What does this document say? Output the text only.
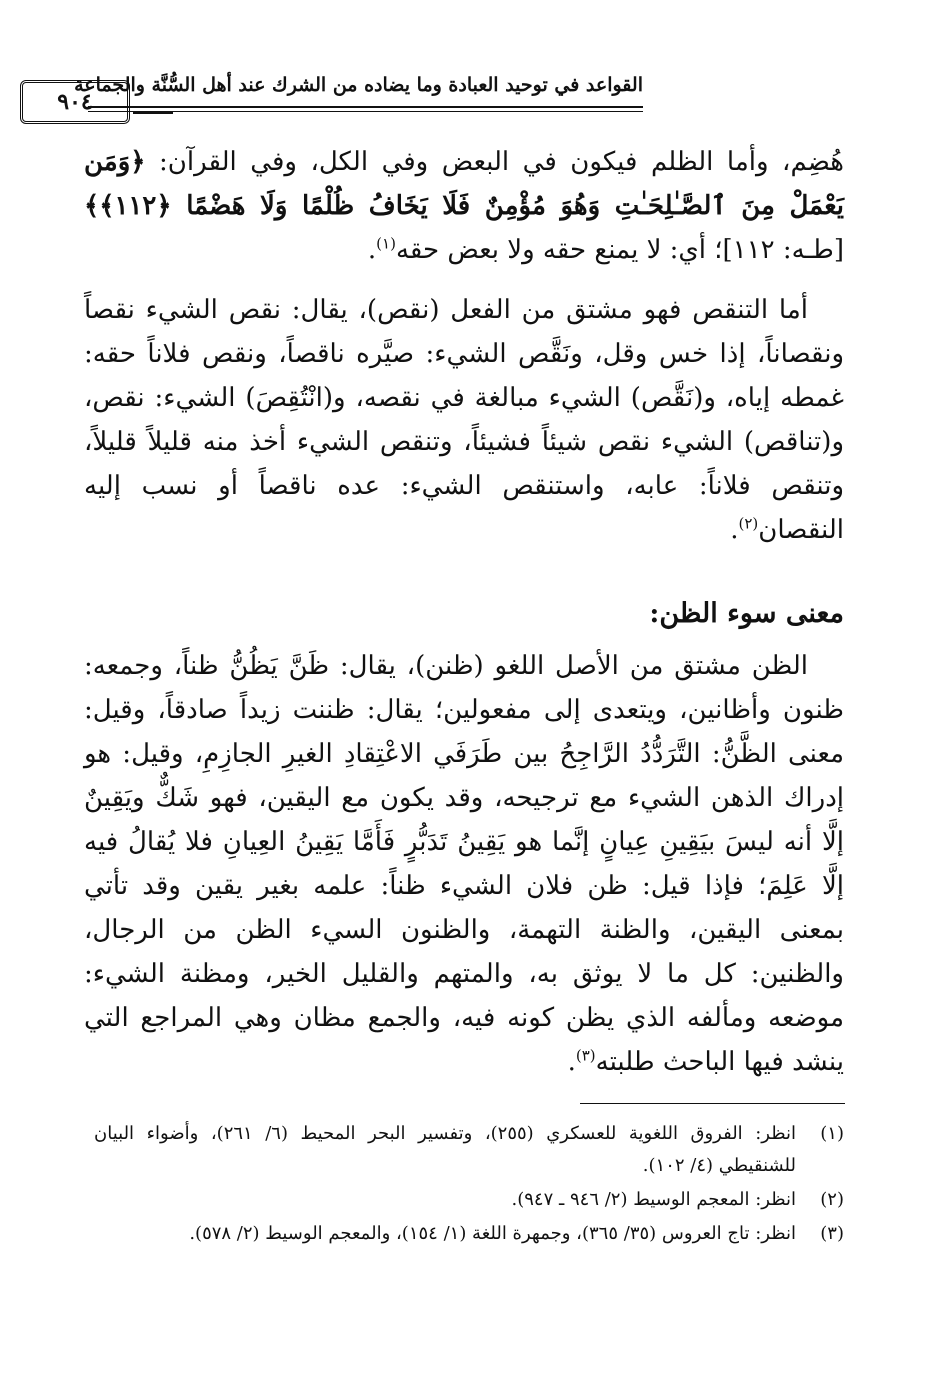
القواعد في توحيد العبادة وما يضاده من الشرك عند أهل السُّنَّة والجماعة
٩٠٤

هُضِم، وأما الظلم فيكون في البعض وفي الكل، وفي القرآن: ﴿وَمَن يَعْمَلْ مِنَ ٱلصَّـٰلِحَـٰتِ وَهُوَ مُؤْمِنٌ فَلَا يَخَافُ ظُلْمًا وَلَا هَضْمًا ﴿١١٢﴾﴾ [طـه: ١١٢]؛ أي: لا يمنع حقه ولا بعض حقه$^{(١)}$.

أما التنقص فهو مشتق من الفعل (نقص)، يقال: نقص الشيء نقصاً ونقصاناً، إذا خس وقل، ونَقَّص الشيء: صيَّره ناقصاً، ونقص فلاناً حقه: غمطه إياه، و(نَقَّص) الشيء مبالغة في نقصه، و(انْتُقِصَ) الشيء: نقص، و(تناقص) الشيء نقص شيئاً فشيئاً، وتنقص الشيء أخذ منه قليلاً قليلاً، وتنقص فلاناً: عابه، واستنقص الشيء: عده ناقصاً أو نسب إليه النقصان$^{(٢)}$.

معنى سوء الظن:

الظن مشتق من الأصل اللغو (ظنن)، يقال: ظَنَّ يَظُنُّ ظناً، وجمعه: ظنون وأظانين، ويتعدى إلى مفعولين؛ يقال: ظننت زيداً صادقاً، وقيل: معنى الظَّنُّ: التَّرَدُّدُ الرَّاجِحُ بين طَرَفَي الاعْتِقادِ الغيرِ الجازِمِ، وقيل: هو إدراك الذهن الشيء مع ترجيحه، وقد يكون مع اليقين، فهو شَكٌّ ويَقِينٌ إلَّا أنه ليسَ بيَقِينِ عِيانٍ إنَّما هو يَقِينُ تَدَبُّرٍ فَأَمَّا يَقِينُ العِيانِ فلا يُقالُ فيه إلَّا عَلِمَ؛ فإذا قيل: ظن فلان الشيء ظناً: علمه بغير يقين وقد تأتي بمعنى اليقين، والظنة التهمة، والظنون السيء الظن من الرجال، والظنين: كل ما لا يوثق به، والمتهم والقليل الخير، ومظنة الشيء: موضعه ومألفه الذي يظن كونه فيه، والجمع مظان وهي المراجع التي ينشد فيها الباحث طلبته$^{(٣)}$.

(١)
انظر: الفروق اللغوية للعسكري (٢٥٥)، وتفسير البحر المحيط (٦/ ٢٦١)، وأضواء البيان للشنقيطي (٤/ ١٠٢).
(٢)
انظر: المعجم الوسيط (٢/ ٩٤٦ ـ ٩٤٧).
(٣)
انظر: تاج العروس (٣٥/ ٣٦٥)، وجمهرة اللغة (١/ ١٥٤)، والمعجم الوسيط (٢/ ٥٧٨).
